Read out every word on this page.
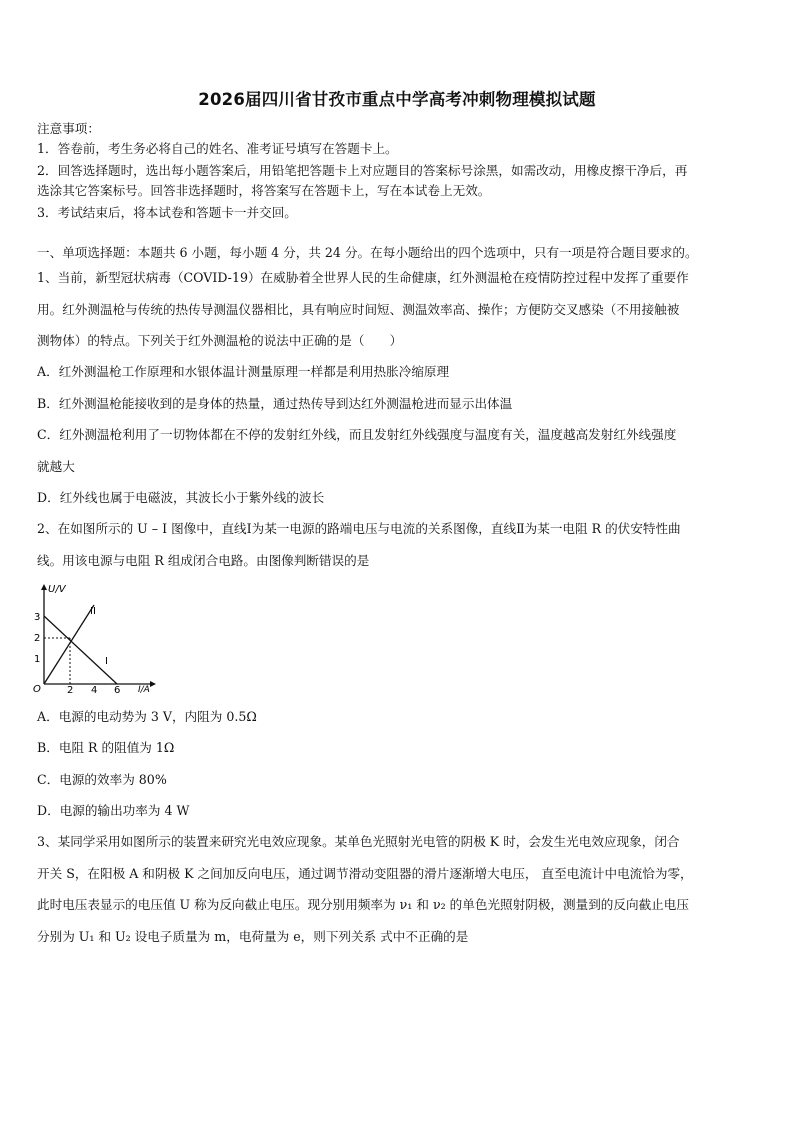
2026届四川省甘孜市重点中学高考冲刺物理模拟试题
注意事项：
1．答卷前，考生务必将自己的姓名、准考证号填写在答题卡上。
2．回答选择题时，选出每小题答案后，用铅笔把答题卡上对应题目的答案标号涂黑，如需改动，用橡皮擦干净后，再
选涂其它答案标号。回答非选择题时，将答案写在答题卡上，写在本试卷上无效。
3．考试结束后，将本试卷和答题卡一并交回。
一、单项选择题：本题共 6 小题，每小题 4 分，共 24 分。在每小题给出的四个选项中，只有一项是符合题目要求的。
1、当前，新型冠状病毒（COVID-19）在威胁着全世界人民的生命健康，红外测温枪在疫情防控过程中发挥了重要作
用。红外测温枪与传统的热传导测温仪器相比，具有响应时间短、测温效率高、操作；方便防交叉感染（不用接触被
测物体）的特点。下列关于红外测温枪的说法中正确的是（　　）
A．红外测温枪工作原理和水银体温计测量原理一样都是利用热胀冷缩原理
B．红外测温枪能接收到的是身体的热量，通过热传导到达红外测温枪进而显示出体温
C．红外测温枪利用了一切物体都在不停的发射红外线，而且发射红外线强度与温度有关，温度越高发射红外线强度
就越大
D．红外线也属于电磁波，其波长小于紫外线的波长
2、在如图所示的 U – I 图像中，直线Ⅰ为某一电源的路端电压与电流的关系图像，直线Ⅱ为某一电阻 R 的伏安特性曲
线。用该电源与电阻 R 组成闭合电路。由图像判断错误的是
U/V
I/A
O
1
2
3
2 4 6
I
II
A．电源的电动势为 3 V，内阻为 0.5Ω
B．电阻 R 的阻值为 1Ω
C．电源的效率为 80%
D．电源的输出功率为 4 W
3、某同学采用如图所示的装置来研究光电效应现象。某单色光照射光电管的阴极 K 时，会发生光电效应现象，闭合
开关 S，在阳极 A 和阴极 K 之间加反向电压，通过调节滑动变阻器的滑片逐渐增大电压， 直至电流计中电流恰为零，
此时电压表显示的电压值 U 称为反向截止电压。现分别用频率为 ν₁ 和 ν₂ 的单色光照射阴极，测量到的反向截止电压
分别为 U₁ 和 U₂ 设电子质量为 m，电荷量为 e，则下列关系 式中不正确的是
